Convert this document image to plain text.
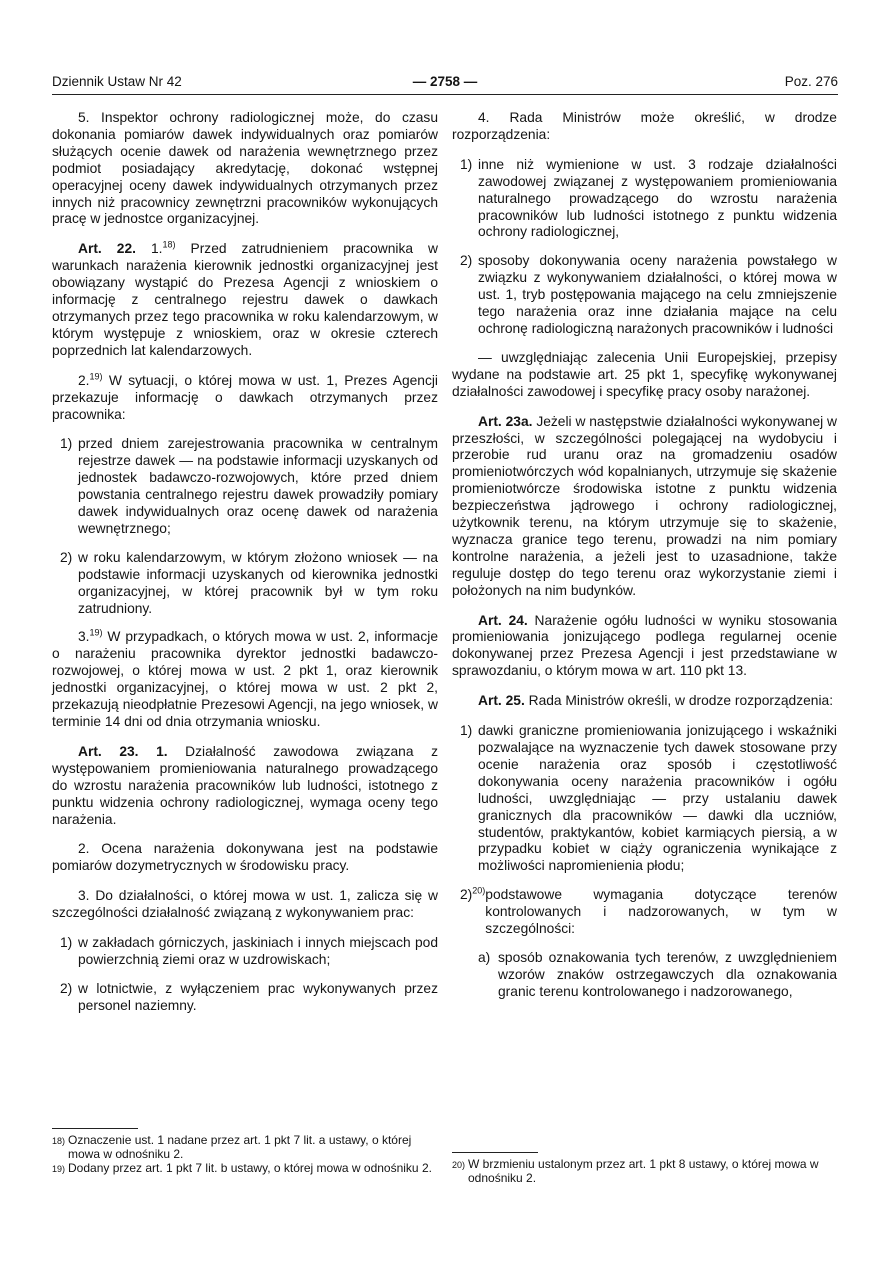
Dziennik Ustaw Nr 42	— 2758 —	Poz. 276

5. Inspektor ochrony radiologicznej może, do czasu dokonania pomiarów dawek indywidualnych oraz pomiarów służących ocenie dawek od narażenia wewnętrznego przez podmiot posiadający akredytację, dokonać wstępnej operacyjnej oceny dawek indywidualnych otrzymanych przez innych niż pracownicy zewnętrzni pracowników wykonujących pracę w jednostce organizacyjnej.

Art. 22. 1.$^{18)}$ Przed zatrudnieniem pracownika w warunkach narażenia kierownik jednostki organizacyjnej jest obowiązany wystąpić do Prezesa Agencji z wnioskiem o informację z centralnego rejestru dawek o dawkach otrzymanych przez tego pracownika w roku kalendarzowym, w którym występuje z wnioskiem, oraz w okresie czterech poprzednich lat kalendarzowych.

2.$^{19)}$ W sytuacji, o której mowa w ust. 1, Prezes Agencji przekazuje informację o dawkach otrzymanych przez pracownika:

1) przed dniem zarejestrowania pracownika w centralnym rejestrze dawek — na podstawie informacji uzyskanych od jednostek badawczo-rozwojowych, które przed dniem powstania centralnego rejestru dawek prowadziły pomiary dawek indywidualnych oraz ocenę dawek od narażenia wewnętrznego;
2) w roku kalendarzowym, w którym złożono wniosek — na podstawie informacji uzyskanych od kierownika jednostki organizacyjnej, w której pracownik był w tym roku zatrudniony.

3.$^{19)}$ W przypadkach, o których mowa w ust. 2, informacje o narażeniu pracownika dyrektor jednostki badawczo-rozwojowej, o której mowa w ust. 2 pkt 1, oraz kierownik jednostki organizacyjnej, o której mowa w ust. 2 pkt 2, przekazują nieodpłatnie Prezesowi Agencji, na jego wniosek, w terminie 14 dni od dnia otrzymania wniosku.

Art. 23. 1. Działalność zawodowa związana z występowaniem promieniowania naturalnego prowadzącego do wzrostu narażenia pracowników lub ludności, istotnego z punktu widzenia ochrony radiologicznej, wymaga oceny tego narażenia.

2. Ocena narażenia dokonywana jest na podstawie pomiarów dozymetrycznych w środowisku pracy.

3. Do działalności, o której mowa w ust. 1, zalicza się w szczególności działalność związaną z wykonywaniem prac:

1) w zakładach górniczych, jaskiniach i innych miejscach pod powierzchnią ziemi oraz w uzdrowiskach;
2) w lotnictwie, z wyłączeniem prac wykonywanych przez personel naziemny.
18) Oznaczenie ust. 1 nadane przez art. 1 pkt 7 lit. a ustawy, o której mowa w odnośniku 2.
19) Dodany przez art. 1 pkt 7 lit. b ustawy, o której mowa w odnośniku 2.

4. Rada Ministrów może określić, w drodze rozporządzenia:

1) inne niż wymienione w ust. 3 rodzaje działalności zawodowej związanej z występowaniem promieniowania naturalnego prowadzącego do wzrostu narażenia pracowników lub ludności istotnego z punktu widzenia ochrony radiologicznej,
2) sposoby dokonywania oceny narażenia powstałego w związku z wykonywaniem działalności, o której mowa w ust. 1, tryb postępowania mającego na celu zmniejszenie tego narażenia oraz inne działania mające na celu ochronę radiologiczną narażonych pracowników i ludności

— uwzględniając zalecenia Unii Europejskiej, przepisy wydane na podstawie art. 25 pkt 1, specyfikę wykonywanej działalności zawodowej i specyfikę pracy osoby narażonej.

Art. 23a. Jeżeli w następstwie działalności wykonywanej w przeszłości, w szczególności polegającej na wydobyciu i przerobie rud uranu oraz na gromadzeniu osadów promieniotwórczych wód kopalnianych, utrzymuje się skażenie promieniotwórcze środowiska istotne z punktu widzenia bezpieczeństwa jądrowego i ochrony radiologicznej, użytkownik terenu, na którym utrzymuje się to skażenie, wyznacza granice tego terenu, prowadzi na nim pomiary kontrolne narażenia, a jeżeli jest to uzasadnione, także reguluje dostęp do tego terenu oraz wykorzystanie ziemi i położonych na nim budynków.

Art. 24. Narażenie ogółu ludności w wyniku stosowania promieniowania jonizującego podlega regularnej ocenie dokonywanej przez Prezesa Agencji i jest przedstawiane w sprawozdaniu, o którym mowa w art. 110 pkt 13.

Art. 25. Rada Ministrów określi, w drodze rozporządzenia:

1) dawki graniczne promieniowania jonizującego i wskaźniki pozwalające na wyznaczenie tych dawek stosowane przy ocenie narażenia oraz sposób i częstotliwość dokonywania oceny narażenia pracowników i ogółu ludności, uwzględniając — przy ustalaniu dawek granicznych dla pracowników — dawki dla uczniów, studentów, praktykantów, kobiet karmiących piersią, a w przypadku kobiet w ciąży ograniczenia wynikające z możliwości napromienienia płodu;
2)$^{20)}$ podstawowe wymagania dotyczące terenów kontrolowanych i nadzorowanych, w tym w szczególności:
a) sposób oznakowania tych terenów, z uwzględnieniem wzorów znaków ostrzegawczych dla oznakowania granic terenu kontrolowanego i nadzorowanego,
20) W brzmieniu ustalonym przez art. 1 pkt 8 ustawy, o której mowa w odnośniku 2.
